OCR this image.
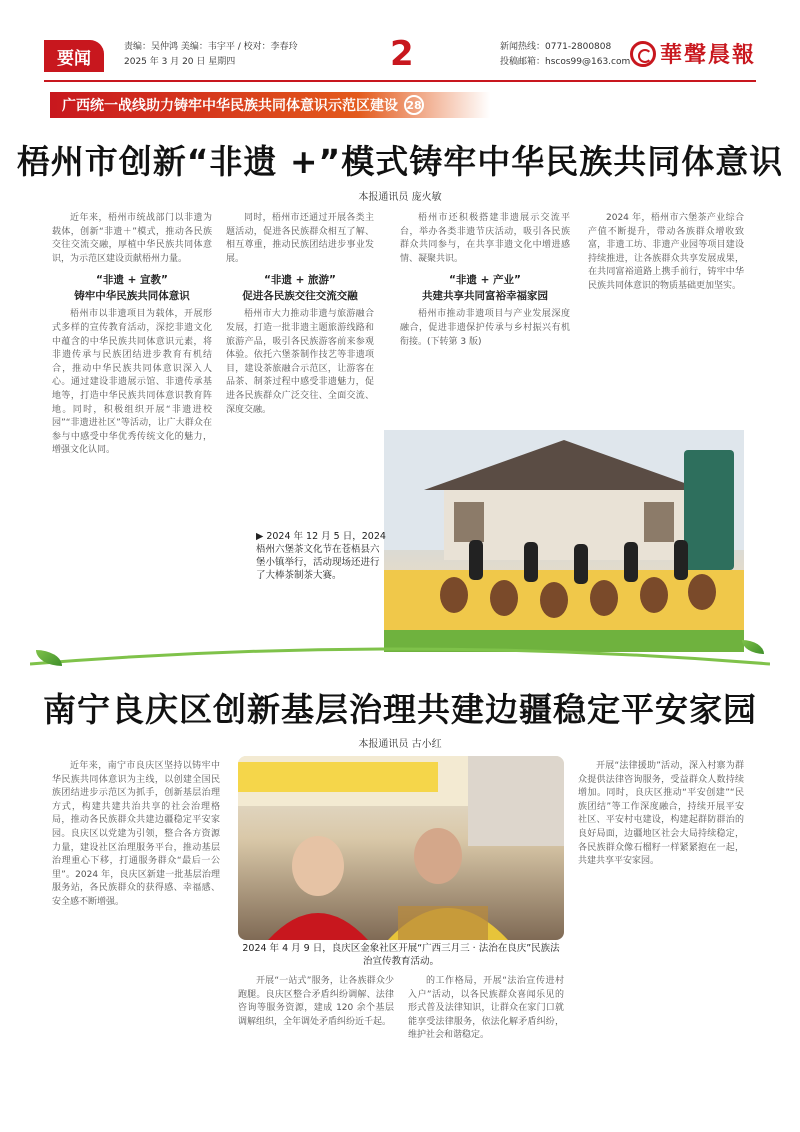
要闻
责编：吴仲鸿 美编：韦宇平 / 校对：李春玲
2025 年 3 月 20 日 星期四	2	新闻热线：0771-2800808
投稿邮箱：hscos99@163.com 華聲晨報
广西统一战线助力铸牢中华民族共同体意识示范区建设 28
梧州市创新“非遗 +”模式铸牢中华民族共同体意识
本报通讯员 庞火敏

近年来，梧州市统战部门以非遗为载体，创新“非遗＋”模式，推动各民族交往交流交融，厚植中华民族共同体意识，为示范区建设贡献梧州力量。

“非遗 + 宣教”
铸牢中华民族共同体意识

梧州市以非遗项目为载体，开展形式多样的宣传教育活动，深挖非遗文化中蕴含的中华民族共同体意识元素，将非遗传承与民族团结进步教育有机结合，推动中华民族共同体意识深入人心。通过建设非遗展示馆、非遗传承基地等，打造中华民族共同体意识教育阵地。同时，积极组织开展“非遗进校园”“非遗进社区”等活动，让广大群众在参与中感受中华优秀传统文化的魅力，增强文化认同。

同时，梧州市还通过开展各类主题活动，促进各民族群众相互了解、相互尊重，推动民族团结进步事业发展。

“非遗 + 旅游”
促进各民族交往交流交融

梧州市大力推动非遗与旅游融合发展，打造一批非遗主题旅游线路和旅游产品，吸引各民族游客前来参观体验。依托六堡茶制作技艺等非遗项目，建设茶旅融合示范区，让游客在品茶、制茶过程中感受非遗魅力，促进各民族群众广泛交往、全面交流、深度交融。

梧州市还积极搭建非遗展示交流平台，举办各类非遗节庆活动，吸引各民族群众共同参与，在共享非遗文化中增进感情、凝聚共识。

“非遗 + 产业”
共建共享共同富裕幸福家园

梧州市推动非遗项目与产业发展深度融合，促进非遗保护传承与乡村振兴有机衔接。(下转第 3 版)

2024 年，梧州市六堡茶产业综合产值不断提升，带动各族群众增收致富，非遗工坊、非遗产业园等项目建设持续推进，让各族群众共享发展成果，在共同富裕道路上携手前行，铸牢中华民族共同体意识的物质基础更加坚实。

▶ 2024 年 12 月 5 日，2024 梧州六堡茶文化节在苍梧县六堡小镇举行，活动现场还进行了大棒茶制茶大赛。
南宁良庆区创新基层治理共建边疆稳定平安家园
本报通讯员 古小红

近年来，南宁市良庆区坚持以铸牢中华民族共同体意识为主线，以创建全国民族团结进步示范区为抓手，创新基层治理方式，构建共建共治共享的社会治理格局，推动各民族群众共建边疆稳定平安家园。良庆区以党建为引领，整合各方资源力量，建设社区治理服务平台，推动基层治理重心下移，打通服务群众“最后一公里”。2024 年，良庆区新建一批基层治理服务站，各民族群众的获得感、幸福感、安全感不断增强。

2024 年 4 月 9 日，良庆区金象社区开展“广西三月三 · 法治在良庆”民族法治宣传教育活动。

开展“一站式”服务，让各族群众少跑腿。良庆区整合矛盾纠纷调解、法律咨询等服务资源，建成 120 余个基层调解组织，全年调处矛盾纠纷近千起。

的工作格局，开展“法治宣传进村入户”活动，以各民族群众喜闻乐见的形式普及法律知识，让群众在家门口就能享受法律服务，依法化解矛盾纠纷，维护社会和谐稳定。

开展“法律援助”活动，深入村寨为群众提供法律咨询服务，受益群众人数持续增加。同时，良庆区推动“平安创建”“民族团结”等工作深度融合，持续开展平安社区、平安村屯建设，构建起群防群治的良好局面，边疆地区社会大局持续稳定，各民族群众像石榴籽一样紧紧抱在一起，共建共享平安家园。
